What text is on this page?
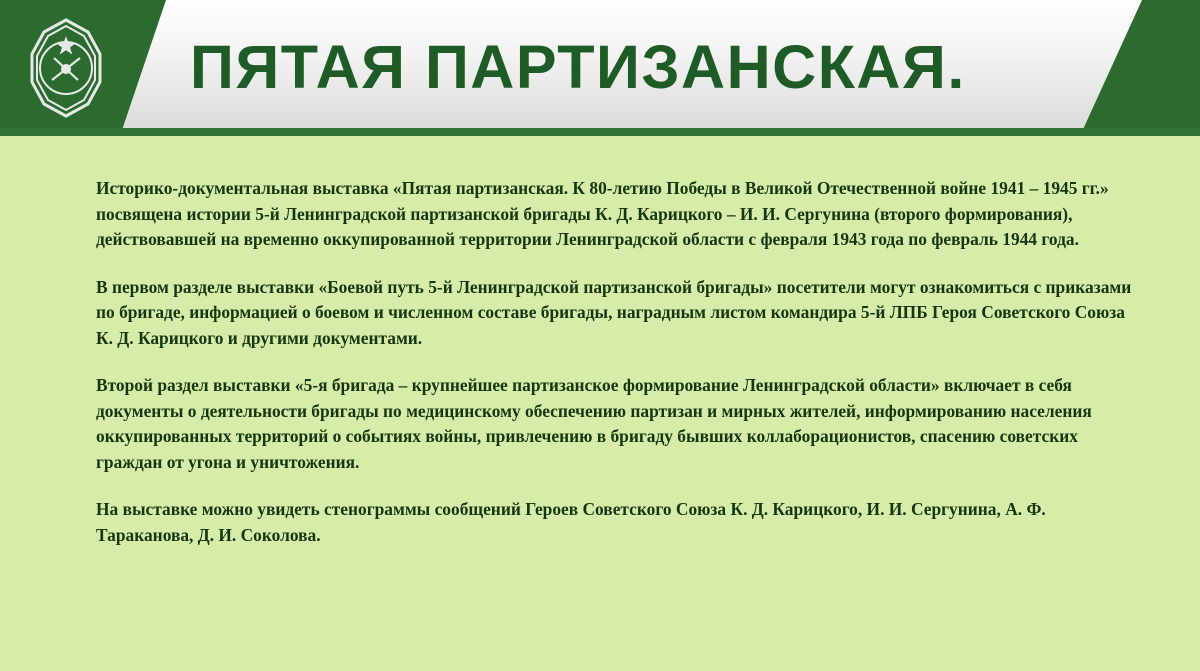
ПЯТАЯ ПАРТИЗАНСКАЯ.

Историко-документальная выставка «Пятая партизанская. К 80-летию Победы в Великой Отечественной войне 1941 – 1945 гг.» посвящена истории 5-й Ленинградской партизанской бригады К. Д. Карицкого – И. И. Сергунина (второго формирования), действовавшей на временно оккупированной территории Ленинградской области с февраля 1943 года по февраль 1944 года.

В первом разделе выставки «Боевой путь 5-й Ленинградской партизанской бригады» посетители могут ознакомиться с приказами по бригаде, информацией о боевом и численном составе бригады, наградным листом командира 5-й ЛПБ Героя Советского Союза К. Д. Карицкого и другими документами.

Второй раздел выставки «5-я бригада – крупнейшее партизанское формирование Ленинградской области» включает в себя документы о деятельности бригады по медицинскому обеспечению партизан и мирных жителей, информированию населения оккупированных территорий о событиях войны, привлечению в бригаду бывших коллаборационистов, спасению советских граждан от угона и уничтожения.

На выставке можно увидеть стенограммы сообщений Героев Советского Союза К. Д. Карицкого, И. И. Сергунина, А. Ф. Тараканова, Д. И. Соколова.
